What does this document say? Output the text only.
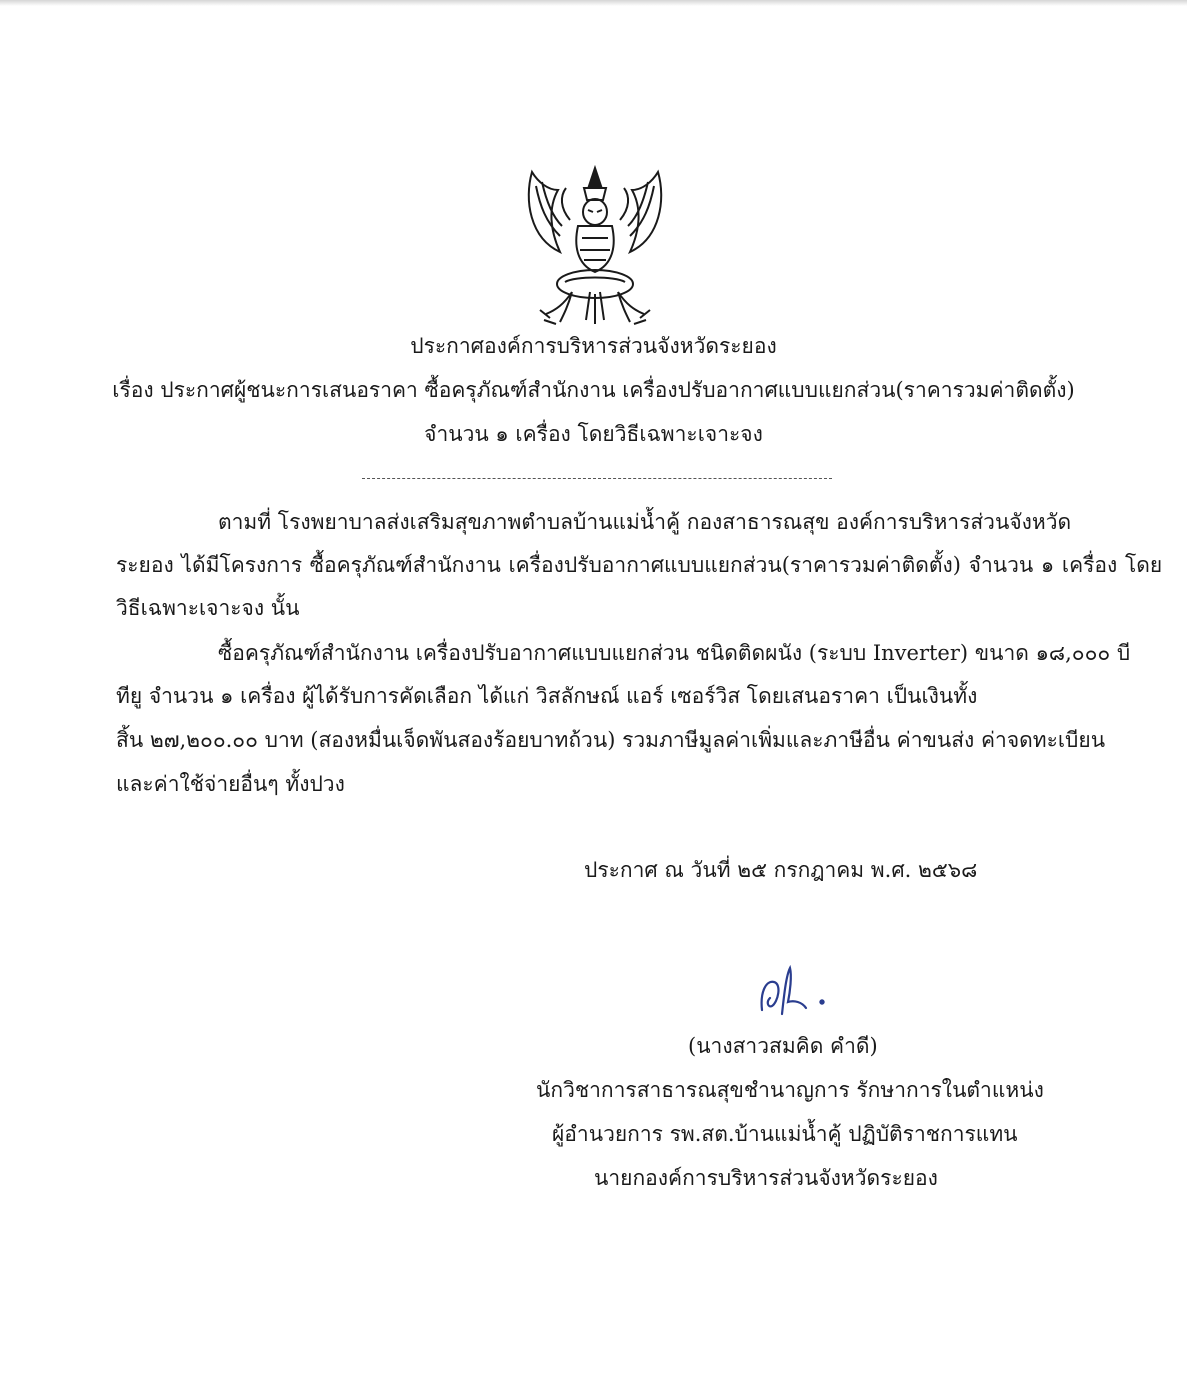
ประกาศองค์การบริหารส่วนจังหวัดระยอง
เรื่อง ประกาศผู้ชนะการเสนอราคา ซื้อครุภัณฑ์สำนักงาน เครื่องปรับอากาศแบบแยกส่วน(ราคารวมค่าติดตั้ง)
จำนวน ๑ เครื่อง โดยวิธีเฉพาะเจาะจง
ตามที่ โรงพยาบาลส่งเสริมสุขภาพตำบลบ้านแม่น้ำคู้ กองสาธารณสุข องค์การบริหารส่วนจังหวัด
ระยอง ได้มีโครงการ ซื้อครุภัณฑ์สำนักงาน เครื่องปรับอากาศแบบแยกส่วน(ราคารวมค่าติดตั้ง) จำนวน ๑ เครื่อง โดย
วิธีเฉพาะเจาะจง นั้น
ซื้อครุภัณฑ์สำนักงาน เครื่องปรับอากาศแบบแยกส่วน ชนิดติดผนัง (ระบบ Inverter) ขนาด ๑๘,๐๐๐ บี
ทียู จำนวน ๑ เครื่อง ผู้ได้รับการคัดเลือก ได้แก่ วิสลักษณ์ แอร์ เซอร์วิส โดยเสนอราคา เป็นเงินทั้ง
สิ้น ๒๗,๒๐๐.๐๐ บาท (สองหมื่นเจ็ดพันสองร้อยบาทถ้วน) รวมภาษีมูลค่าเพิ่มและภาษีอื่น ค่าขนส่ง ค่าจดทะเบียน
และค่าใช้จ่ายอื่นๆ ทั้งปวง
ประกาศ ณ วันที่ ๒๕ กรกฎาคม พ.ศ. ๒๕๖๘
(นางสาวสมคิด คำดี)
นักวิชาการสาธารณสุขชำนาญการ รักษาการในตำแหน่ง
ผู้อำนวยการ รพ.สต.บ้านแม่น้ำคู้ ปฏิบัติราชการแทน
นายกองค์การบริหารส่วนจังหวัดระยอง
